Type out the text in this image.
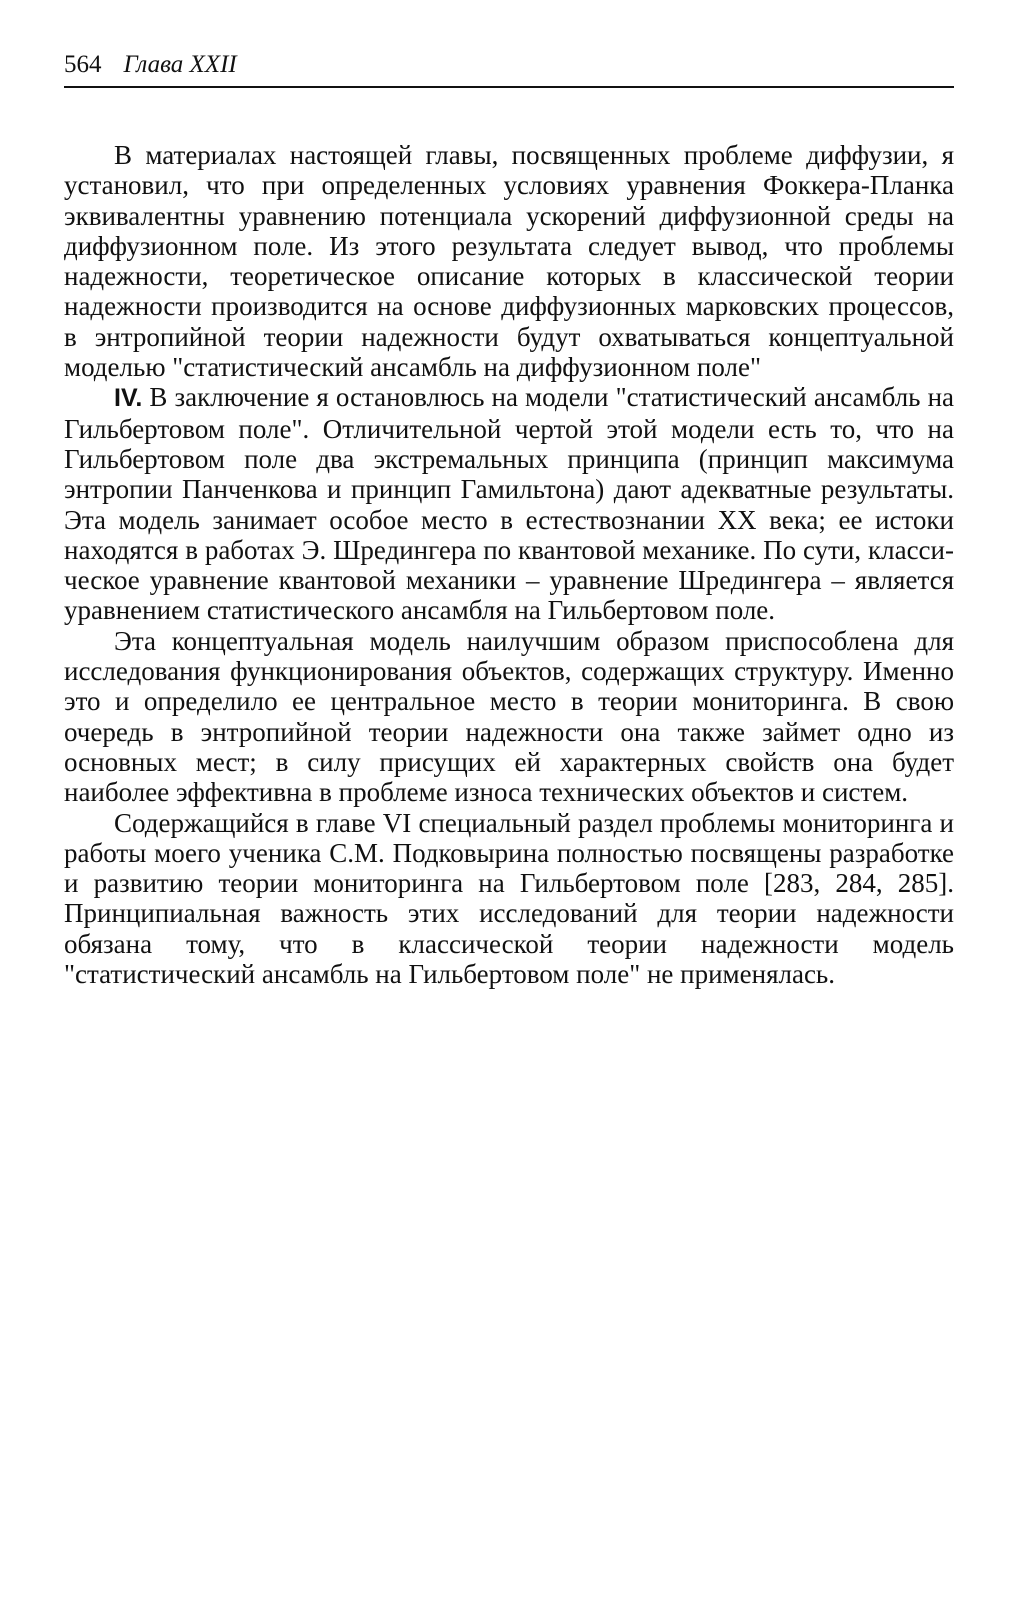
564 Глава XXII

В материалах настоящей главы, посвященных проблеме диффузии, я установил, что при определенных условиях уравнения Фоккера-Планка эквивалентны уравнению потенциала ускорений диффузионной среды на диффузионном поле. Из этого результата следует вывод, что проблемы надежности, теоретическое описание которых в классической теории надежности производится на основе диффузионных марковских процессов, в энтропийной теории надежности будут охватываться концептуальной моделью "статистический ансамбль на диффузионном поле"

IV. В заключение я остановлюсь на модели "статистический ансамбль на Гильбертовом поле". Отличительной чертой этой модели есть то, что на Гильбертовом поле два экстремальных принципа (принцип максимума энтропии Панченкова и принцип Гамильтона) дают адекватные результаты. Эта модель занимает особое место в естествознании XX века; ее истоки находятся в работах Э. Шредингера по квантовой механике. По сути, классическое уравнение квантовой механики – уравнение Шредингера – является уравнением статистического ансамбля на Гильбертовом поле.

Эта концептуальная модель наилучшим образом приспособлена для исследования функционирования объектов, содержащих структуру. Именно это и определило ее центральное место в теории мониторинга. В свою очередь в энтропийной теории надежности она также займет одно из основных мест; в силу присущих ей характерных свойств она будет наиболее эффективна в проблеме износа технических объектов и систем.

Содержащийся в главе VI специальный раздел проблемы мониторинга и работы моего ученика С.М. Подковырина полностью посвящены разработке и развитию теории мониторинга на Гильбертовом поле [283, 284, 285]. Принципиальная важность этих исследований для теории надежности обязана тому, что в классической теории надежности модель "статистический ансамбль на Гильбертовом поле" не применялась.
